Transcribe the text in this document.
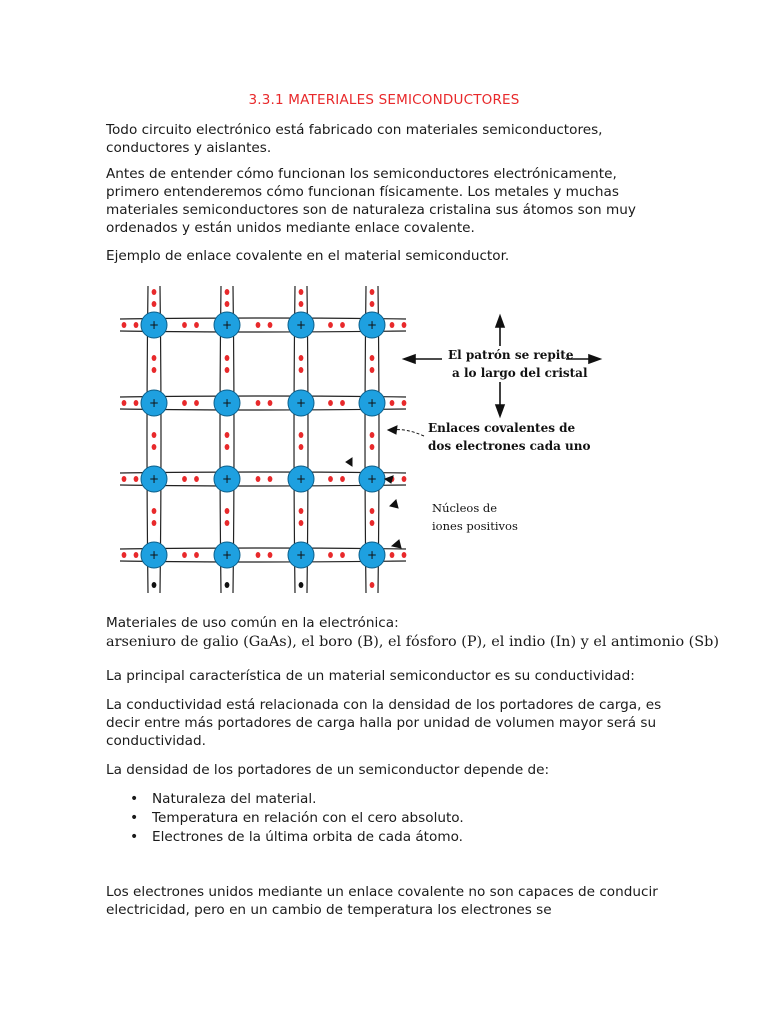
3.3.1 MATERIALES SEMICONDUCTORES

Todo circuito electrónico está fabricado con materiales semiconductores, conductores y aislantes.

Antes de entender cómo funcionan los semiconductores electrónicamente, primero entenderemos cómo funcionan físicamente. Los metales y muchas materiales semiconductores son de naturaleza cristalina sus átomos son muy ordenados y están unidos mediante enlace covalente.

Ejemplo de enlace covalente en el material semiconductor.

+	+	+	+
+	+	+	+
+	+	+	+
+	+	+	+
El patrón se repite
a lo largo del cristal
Enlaces covalentes de
dos electrones cada uno
Núcleos de
iones positivos

Materiales de uso común en la electrónica:

arseniuro de galio (GaAs), el boro (B), el fósforo (P), el indio (In) y el antimonio (Sb)

La principal característica de un material semiconductor es su conductividad:

La conductividad está relacionada con la densidad de los portadores de carga, es decir entre más portadores de carga halla por unidad de volumen mayor será su conductividad.

La densidad de los portadores de un semiconductor depende de:

• Naturaleza del material.
• Temperatura en relación con el cero absoluto.
• Electrones de la última orbita de cada átomo.

Los electrones unidos mediante un enlace covalente no son capaces de conducir electricidad, pero en un cambio de temperatura los electrones se
